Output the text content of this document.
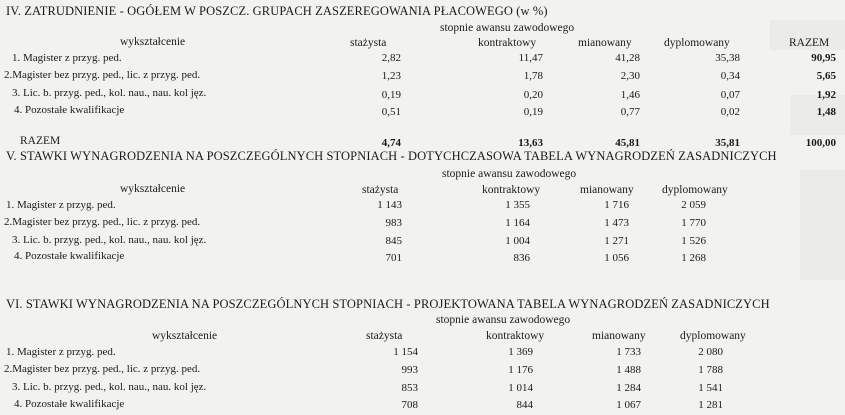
IV. ZATRUDNIENIE - OGÓŁEM W POSZCZ. GRUPACH ZASZEREGOWANIA PŁACOWEGO (w %)
stopnie awansu zawodowego
wykształcenie	stażysta	kontraktowy	mianowany	dyplomowany	RAZEM
1. Magister z przyg. ped.	2,82	11,47	41,28	35,38	90,95
2.Magister bez przyg. ped., lic. z przyg. ped.	1,23	1,78	2,30	0,34	5,65
3. Lic. b. przyg. ped., kol. nau., nau. kol jęz.	0,19	0,20	1,46	0,07	1,92
4. Pozostałe kwalifikacje	0,51	0,19	0,77	0,02	1,48
RAZEM	4,74	13,63	45,81	35,81	100,00
V. STAWKI WYNAGRODZENIA NA POSZCZEGÓLNYCH STOPNIACH - DOTYCHCZASOWA TABELA WYNAGRODZEŃ ZASADNICZYCH
stopnie awansu zawodowego
wykształcenie	stażysta	kontraktowy	mianowany dyplomowany
1. Magister z przyg. ped.	1 143	1 355	1 716	2 059
2.Magister bez przyg. ped., lic. z przyg. ped.	983	1 164	1 473	1 770
3. Lic. b. przyg. ped., kol. nau., nau. kol jęz.	845	1 004	1 271	1 526
4. Pozostałe kwalifikacje	701	836	1 056	1 268
VI. STAWKI WYNAGRODZENIA NA POSZCZEGÓLNYCH STOPNIACH - PROJEKTOWANA TABELA WYNAGRODZEŃ ZASADNICZYCH
stopnie awansu zawodowego
wykształcenie	stażysta	kontraktowy	mianowany	dyplomowany
1. Magister z przyg. ped.	1 154	1 369	1 733	2 080
2.Magister bez przyg. ped., lic. z przyg. ped.	993	1 176	1 488	1 788
3. Lic. b. przyg. ped., kol. nau., nau. kol jęz.	853	1 014	1 284	1 541
4. Pozostałe kwalifikacje	708	844	1 067	1 281
